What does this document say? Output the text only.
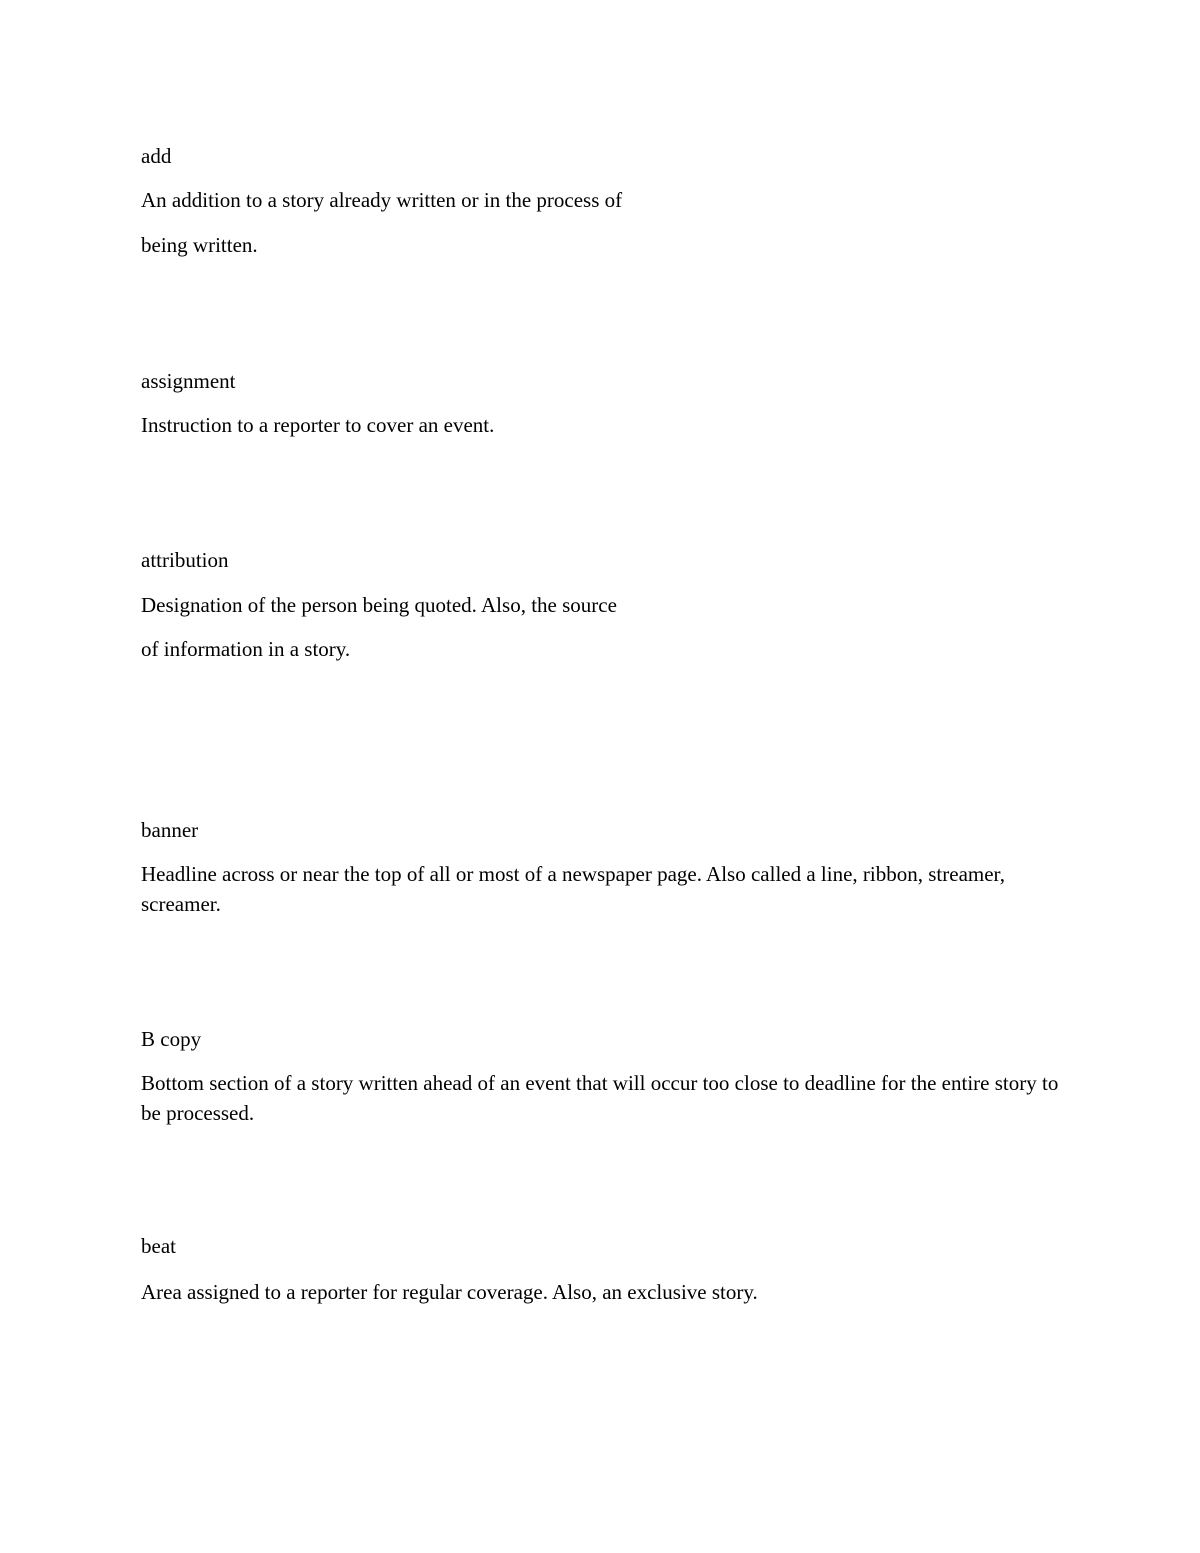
add
An addition to a story already written or in the process of
being written.
assignment
Instruction to a reporter to cover an event.
attribution
Designation of the person being quoted. Also, the source
of information in a story.
banner
Headline across or near the top of all or most of a newspaper page. Also called a line, ribbon, streamer, screamer.
B copy
Bottom section of a story written ahead of an event that will occur too close to deadline for the entire story to be processed.
beat
Area assigned to a reporter for regular coverage. Also, an exclusive story.
